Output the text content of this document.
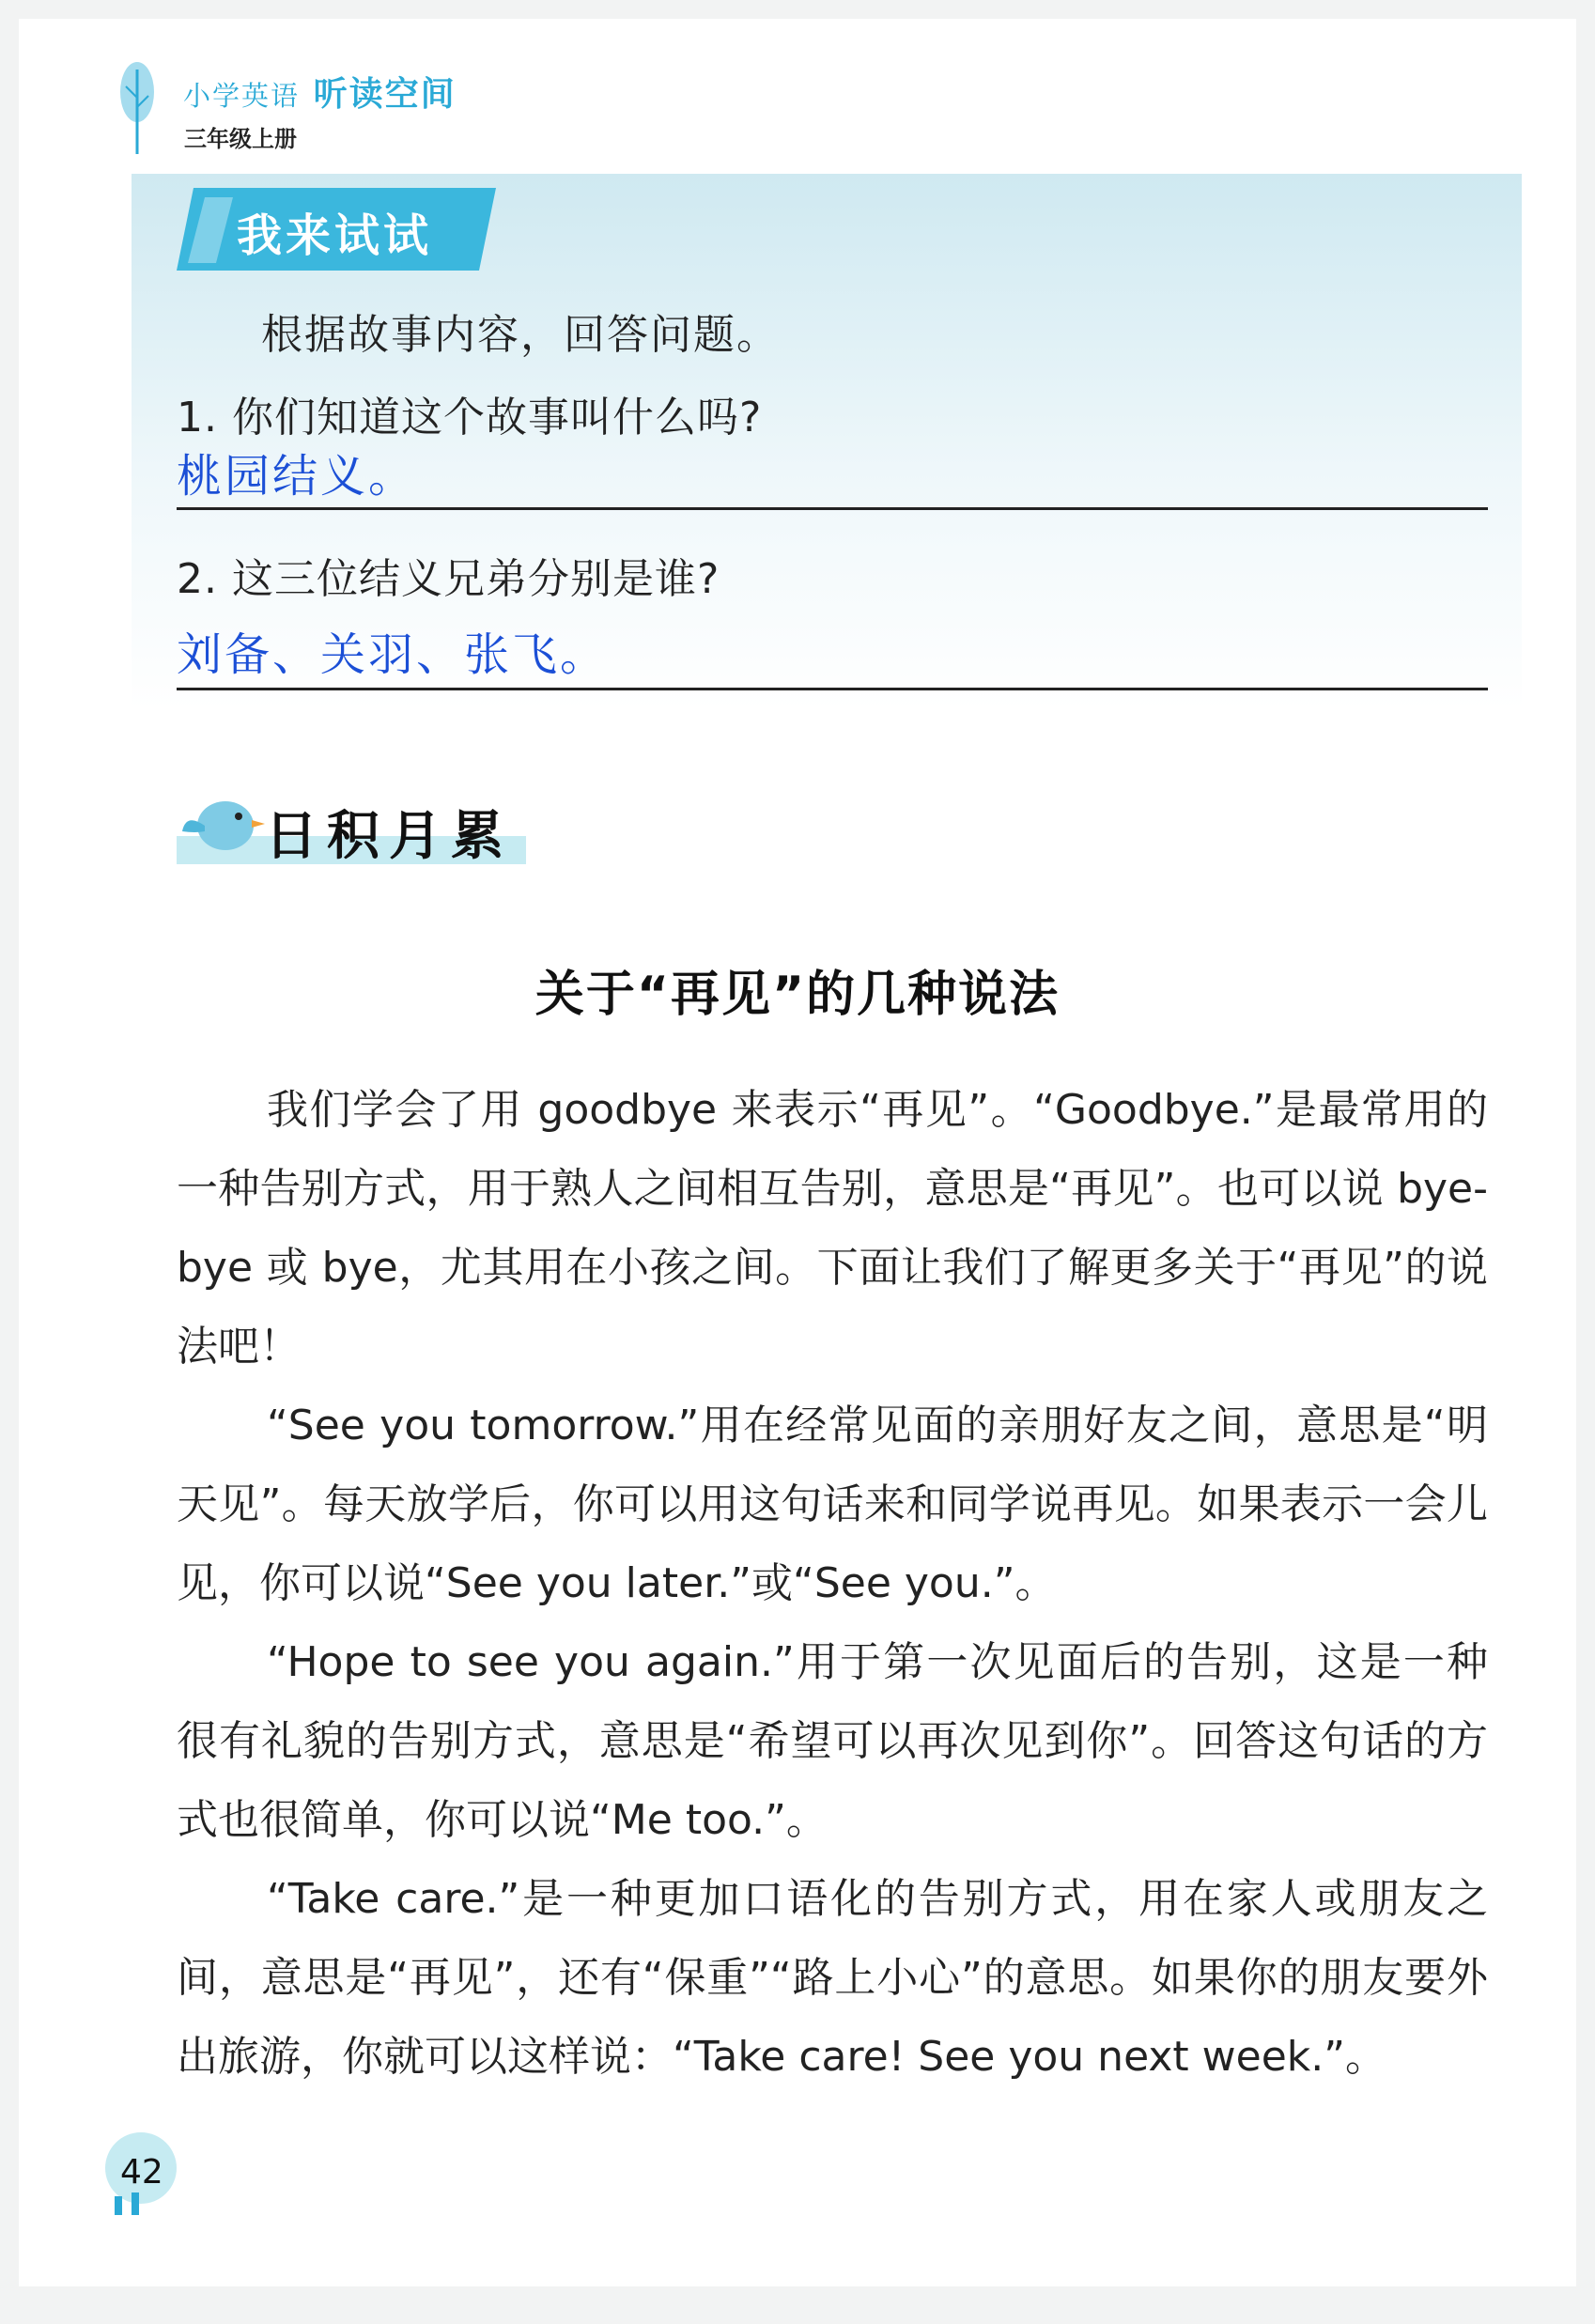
小学英语 听读空间
三年级上册
我来试试
根据故事内容，回答问题。
1. 你们知道这个故事叫什么吗?
桃园结义。
2. 这三位结义兄弟分别是谁?
刘备、关羽、张飞。
日积月累
关于“再见”的几种说法

我们学会了用 goodbye 来表示“再见”。“Goodbye.”是最常用的一种告别方式，用于熟人之间相互告别，意思是“再见”。也可以说 bye-bye 或 bye，尤其用在小孩之间。下面让我们了解更多关于“再见”的说法吧！

“See you tomorrow.”用在经常见面的亲朋好友之间，意思是“明天见”。每天放学后，你可以用这句话来和同学说再见。如果表示一会儿见，你可以说“See you later.”或“See you.”。

“Hope to see you again.”用于第一次见面后的告别，这是一种很有礼貌的告别方式，意思是“希望可以再次见到你”。回答这句话的方式也很简单，你可以说“Me too.”。

“Take care.”是一种更加口语化的告别方式，用在家人或朋友之间，意思是“再见”，还有“保重”“路上小心”的意思。如果你的朋友要外出旅游，你就可以这样说：“Take care! See you next week.”。

42
